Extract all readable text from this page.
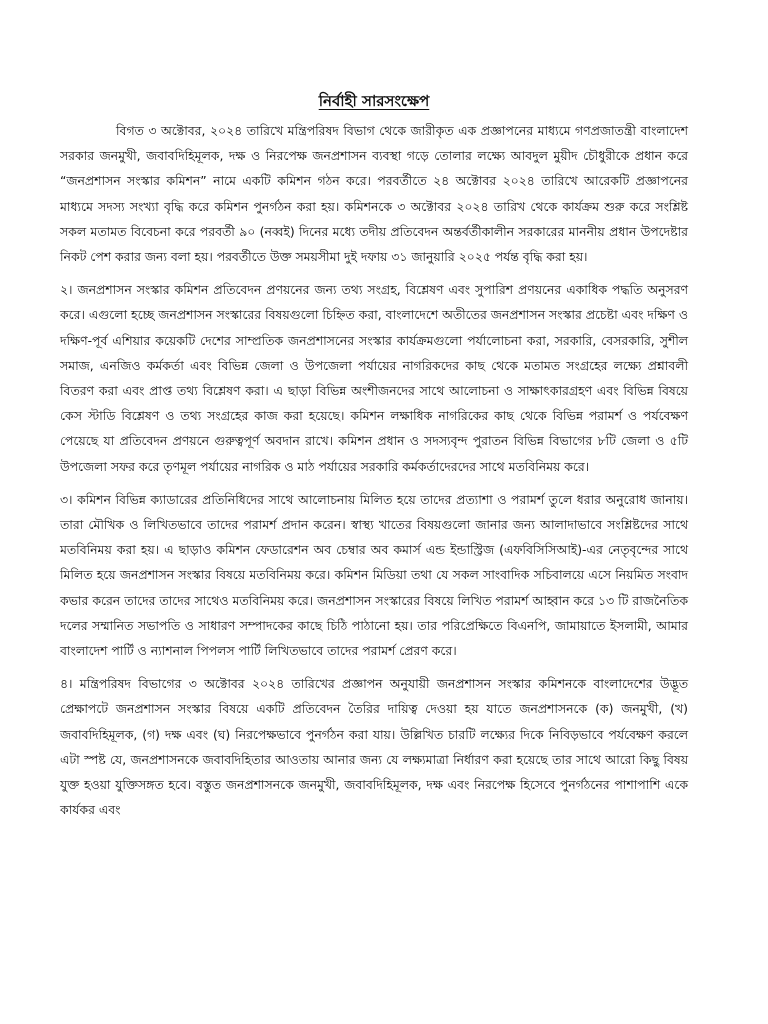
নির্বাহী সারসংক্ষেপ

বিগত ৩ অক্টোবর, ২০২৪ তারিখে মন্ত্রিপরিষদ বিভাগ থেকে জারীকৃত এক প্রজ্ঞাপনের মাধ্যমে গণপ্রজাতন্ত্রী বাংলাদেশ সরকার জনমুখী, জবাবদিহিমূলক, দক্ষ ও নিরপেক্ষ জনপ্রশাসন ব্যবস্থা গড়ে তোলার লক্ষ্যে আবদুল মুয়ীদ চৌধুরীকে প্রধান করে “জনপ্রশাসন সংস্কার কমিশন” নামে একটি কমিশন গঠন করে। পরবর্তীতে ২৪ অক্টোবর ২০২৪ তারিখে আরেকটি প্রজ্ঞাপনের মাধ্যমে সদস্য সংখ্যা বৃদ্ধি করে কমিশন পুনর্গঠন করা হয়। কমিশনকে ৩ অক্টোবর ২০২৪ তারিখ থেকে কার্যক্রম শুরু করে সংশ্লিষ্ট সকল মতামত বিবেচনা করে পরবর্তী ৯০ (নব্বই) দিনের মধ্যে তদীয় প্রতিবেদন অন্তর্বর্তীকালীন সরকারের মাননীয় প্রধান উপদেষ্টার নিকট পেশ করার জন্য বলা হয়। পরবর্তীতে উক্ত সময়সীমা দুই দফায় ৩১ জানুয়ারি ২০২৫ পর্যন্ত বৃদ্ধি করা হয়।

২। জনপ্রশাসন সংস্কার কমিশন প্রতিবেদন প্রণয়নের জন্য তথ্য সংগ্রহ, বিশ্লেষণ এবং সুপারিশ প্রণয়নের একাধিক পদ্ধতি অনুসরণ করে। এগুলো হচ্ছে জনপ্রশাসন সংস্কারের বিষয়গুলো চিহ্নিত করা, বাংলাদেশে অতীতের জনপ্রশাসন সংস্কার প্রচেষ্টা এবং দক্ষিণ ও দক্ষিণ-পূর্ব এশিয়ার কয়েকটি দেশের সাম্প্রতিক জনপ্রশাসনের সংস্কার কার্যক্রমগুলো পর্যালোচনা করা, সরকারি, বেসরকারি, সুশীল সমাজ, এনজিও কর্মকর্তা এবং বিভিন্ন জেলা ও উপজেলা পর্যায়ের নাগরিকদের কাছ থেকে মতামত সংগ্রহের লক্ষ্যে প্রশ্নাবলী বিতরণ করা এবং প্রাপ্ত তথ্য বিশ্লেষণ করা। এ ছাড়া বিভিন্ন অংশীজনদের সাথে আলোচনা ও সাক্ষাৎকারগ্রহণ এবং বিভিন্ন বিষয়ে কেস স্টাডি বিশ্লেষণ ও তথ্য সংগ্রহের কাজ করা হয়েছে। কমিশন লক্ষাধিক নাগরিকের কাছ থেকে বিভিন্ন পরামর্শ ও পর্যবেক্ষণ পেয়েছে যা প্রতিবেদন প্রণয়নে গুরুত্বপূর্ণ অবদান রাখে। কমিশন প্রধান ও সদস্যবৃন্দ পুরাতন বিভিন্ন বিভাগের ৮টি জেলা ও ৫টি উপজেলা সফর করে তৃণমূল পর্যায়ের নাগরিক ও মাঠ পর্যায়ের সরকারি কর্মকর্তাদেরদের সাথে মতবিনিময় করে।

৩। কমিশন বিভিন্ন ক্যাডারের প্রতিনিধিদের সাথে আলোচনায় মিলিত হয়ে তাদের প্রত্যাশা ও পরামর্শ তুলে ধরার অনুরোধ জানায়। তারা মৌখিক ও লিখিতভাবে তাদের পরামর্শ প্রদান করেন। স্বাস্থ্য খাতের বিষয়গুলো জানার জন্য আলাদাভাবে সংশ্লিষ্টদের সাথে মতবিনিময় করা হয়। এ ছাড়াও কমিশন ফেডারেশন অব চেম্বার অব কমার্স এন্ড ইন্ডাস্ট্রিজ (এফবিসিসিআই)-এর নেতৃবৃন্দের সাথে মিলিত হয়ে জনপ্রশাসন সংস্কার বিষয়ে মতবিনিময় করে। কমিশন মিডিয়া তথা যে সকল সাংবাদিক সচিবালয়ে এসে নিয়মিত সংবাদ কভার করেন তাদের তাদের সাথেও মতবিনিময় করে। জনপ্রশাসন সংস্কারের বিষয়ে লিখিত পরামর্শ আহ্বান করে ১৩ টি রাজনৈতিক দলের সম্মানিত সভাপতি ও সাধারণ সম্পাদকের কাছে চিঠি পাঠানো হয়। তার পরিপ্রেক্ষিতে বিএনপি, জামায়াতে ইসলামী, আমার বাংলাদেশ পার্টি ও ন্যাশনাল পিপলস পার্টি লিখিতভাবে তাদের পরামর্শ প্রেরণ করে।

৪। মন্ত্রিপরিষদ বিভাগের ৩ অক্টোবর ২০২৪ তারিখের প্রজ্ঞাপন অনুযায়ী জনপ্রশাসন সংস্কার কমিশনকে বাংলাদেশের উদ্ভূত প্রেক্ষাপটে জনপ্রশাসন সংস্কার বিষয়ে একটি প্রতিবেদন তৈরির দায়িত্ব দেওয়া হয় যাতে জনপ্রশাসনকে (ক) জনমুখী, (খ) জবাবদিহিমূলক, (গ) দক্ষ এবং (ঘ) নিরপেক্ষভাবে পুনর্গঠন করা যায়। উল্লিখিত চারটি লক্ষ্যের দিকে নিবিড়ভাবে পর্যবেক্ষণ করলে এটা স্পষ্ট যে, জনপ্রশাসনকে জবাবদিহিতার আওতায় আনার জন্য যে লক্ষ্যমাত্রা নির্ধারণ করা হয়েছে তার সাথে আরো কিছু বিষয় যুক্ত হওয়া যুক্তিসঙ্গত হবে। বস্তুত জনপ্রশাসনকে জনমুখী, জবাবদিহিমূলক, দক্ষ এবং নিরপেক্ষ হিসেবে পুনর্গঠনের পাশাপাশি একে কার্যকর এবং
